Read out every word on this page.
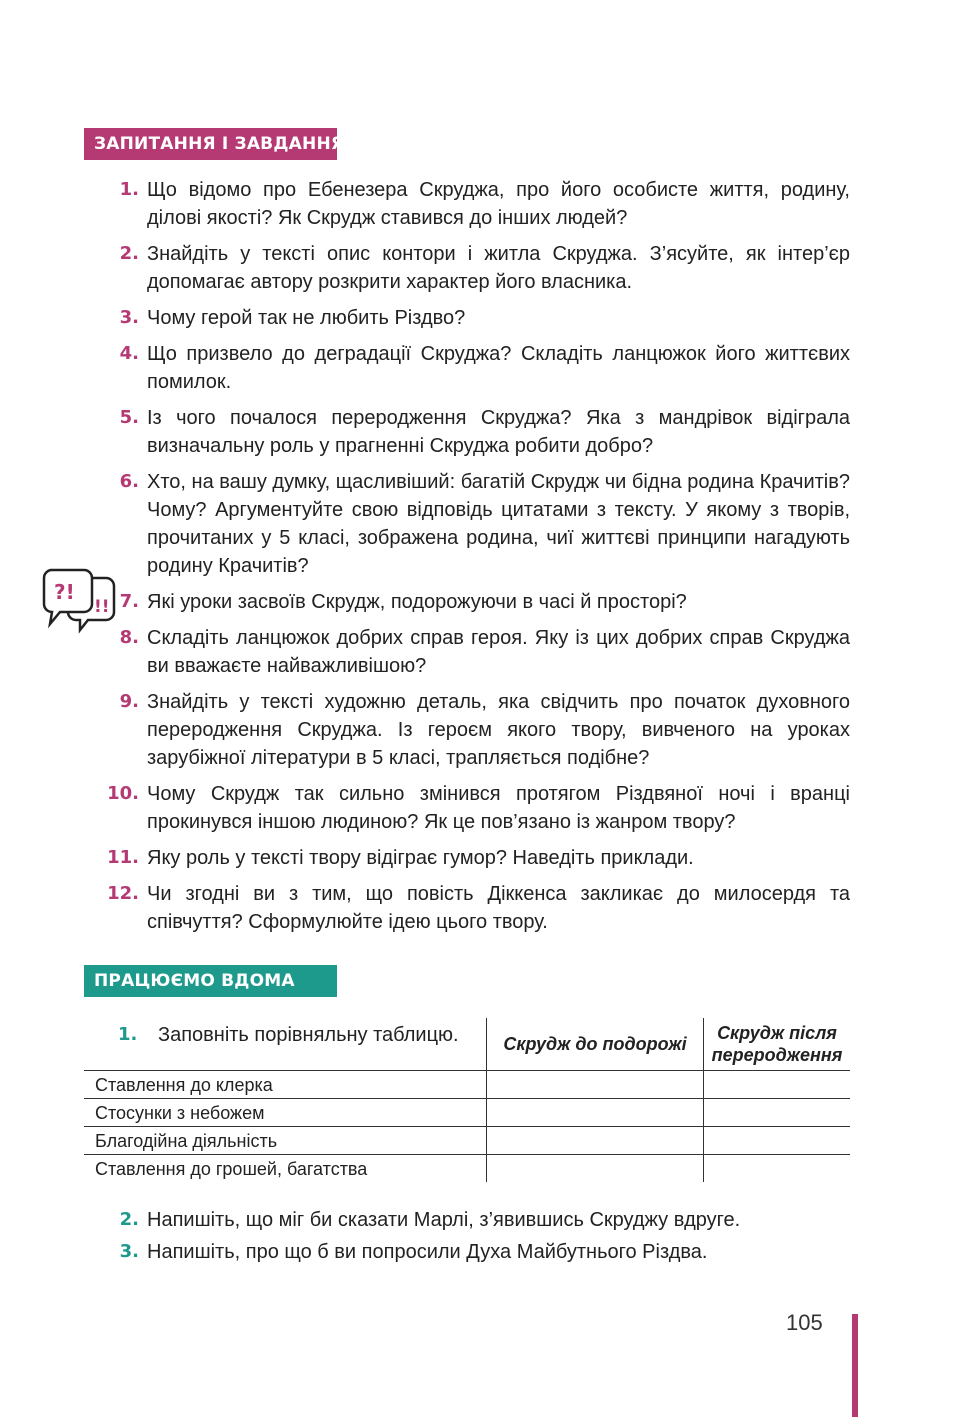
ЗАПИТАННЯ І ЗАВДАННЯ
1. Що відомо про Ебенезера Скруджа, про його особисте життя, родину, ділові якості? Як Скрудж ставився до інших людей?
2. Знайдіть у тексті опис контори і житла Скруджа. З’ясуйте, як інтер’єр допомагає автору розкрити характер його власника.
3. Чому герой так не любить Різдво?
4. Що призвело до деградації Скруджа? Складіть ланцюжок його життєвих помилок.
5. Із чого почалося переродження Скруджа? Яка з мандрівок відіграла визначальну роль у прагненні Скруджа робити добро?
6. Хто, на вашу думку, щасливіший: багатій Скрудж чи бідна родина Крачитів? Чому? Аргументуйте свою відповідь цитатами з тексту. У якому з творів, прочитаних у 5 класі, зображена родина, чиї життєві принципи нагадують родину Крачитів?
7. Які уроки засвоїв Скрудж, подорожуючи в часі й просторі?
8. Складіть ланцюжок добрих справ героя. Яку із цих добрих справ Скруджа ви вважаєте найважливішою?
9. Знайдіть у тексті художню деталь, яка свідчить про початок духовного переродження Скруджа. Із героєм якого твору, вивченого на уроках зарубіжної літератури в 5 класі, трапляється подібне?
10. Чому Скрудж так сильно змінився протягом Різдвяної ночі і вранці прокинувся іншою людиною? Як це пов’язано із жанром твору?
11. Яку роль у тексті твору відіграє гумор? Наведіть приклади.
12. Чи згодні ви з тим, що повість Діккенса закликає до милосердя та співчуття? Сформулюйте ідею цього твору.
?!
!!
ПРАЦЮЄМО ВДОМА
1. Заповніть порівняльну таблицю.	Скрудж до подорожі	Скрудж після переродження
Ставлення до клерка		
Стосунки з небожем		
Благодійна діяльність		
Ставлення до грошей, багатства		
2. Напишіть, що міг би сказати Марлі, з’явившись Скруджу вдруге.
3. Напишіть, про що б ви попросили Духа Майбутнього Різдва.
105
